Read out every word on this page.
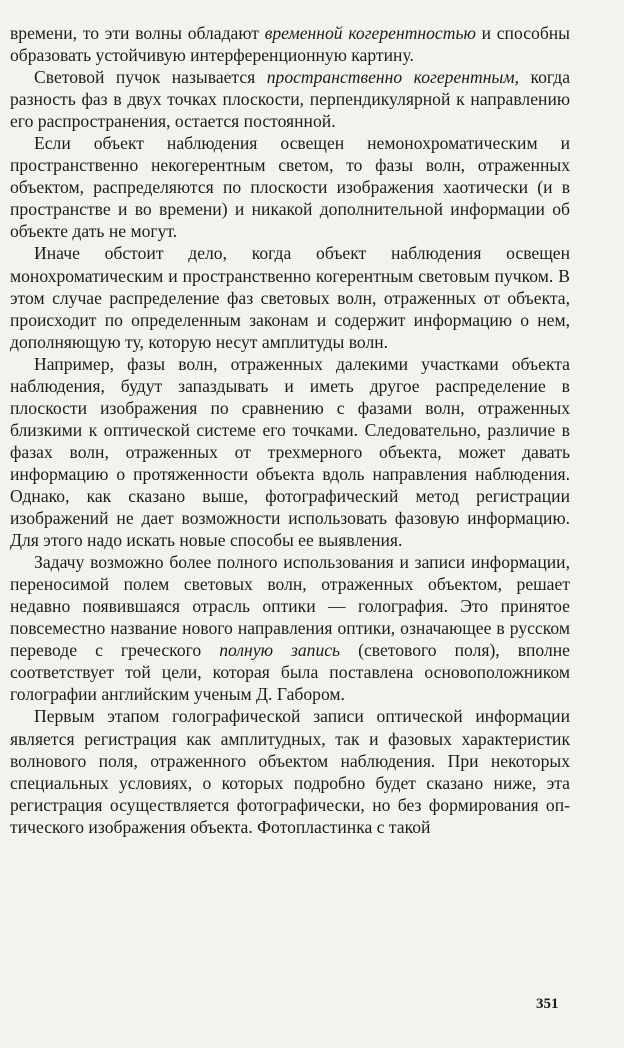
времени, то эти волны обладают временной когерентностью и способны образовать устойчивую интерференционную картину.

Световой пучок называется пространственно когерентным, когда разность фаз в двух точках плоскости, перпендикулярной к направлению его распространения, остается постоянной.

Если объект наблюдения освещен немонохроматическим и пространственно некогерентным светом, то фазы волн, отраженных объектом, распределяются по плоскости изображения хаотически (и в пространстве и во времени) и никакой дополнительной информации об объекте дать не могут.

Иначе обстоит дело, когда объект наблюдения освещен монохроматическим и пространственно когерентным световым пучком. В этом случае распределение фаз световых волн, отраженных от объекта, происходит по определенным законам и содержит информацию о нем, дополняющую ту, которую несут амплитуды волн.

Например, фазы волн, отраженных далекими участками объекта наблюдения, будут запаздывать и иметь другое распределение в плоскости изображения по сравнению с фазами волн, отраженных близкими к оптической системе его точками. Следовательно, различие в фазах волн, отраженных от трехмерного объекта, может давать информацию о протяженности объекта вдоль направления наблюдения. Однако, как сказано выше, фотографический метод регистрации изображений не дает возможности использовать фазовую информацию. Для этого надо искать новые способы ее выявления.

Задачу возможно более полного использования и записи информации, переносимой полем световых волн, отраженных объектом, решает недавно появившаяся отрасль оптики — голография. Это принятое повсеместно название нового направления оптики, означающее в русском переводе с греческого полную запись (светового поля), вполне соответствует той цели, которая была поставлена основоположником голографии английским ученым Д. Габором.

Первым этапом голографической записи оптической информации является регистрация как амплитудных, так и фазовых характеристик волнового поля, отраженного объектом наблюдения. При некоторых специальных условиях, о которых подробно будет сказано ниже, эта регистрация осуществляется фотографически, но без формирования оптического изображения объекта. Фотопластинка с такой

351
